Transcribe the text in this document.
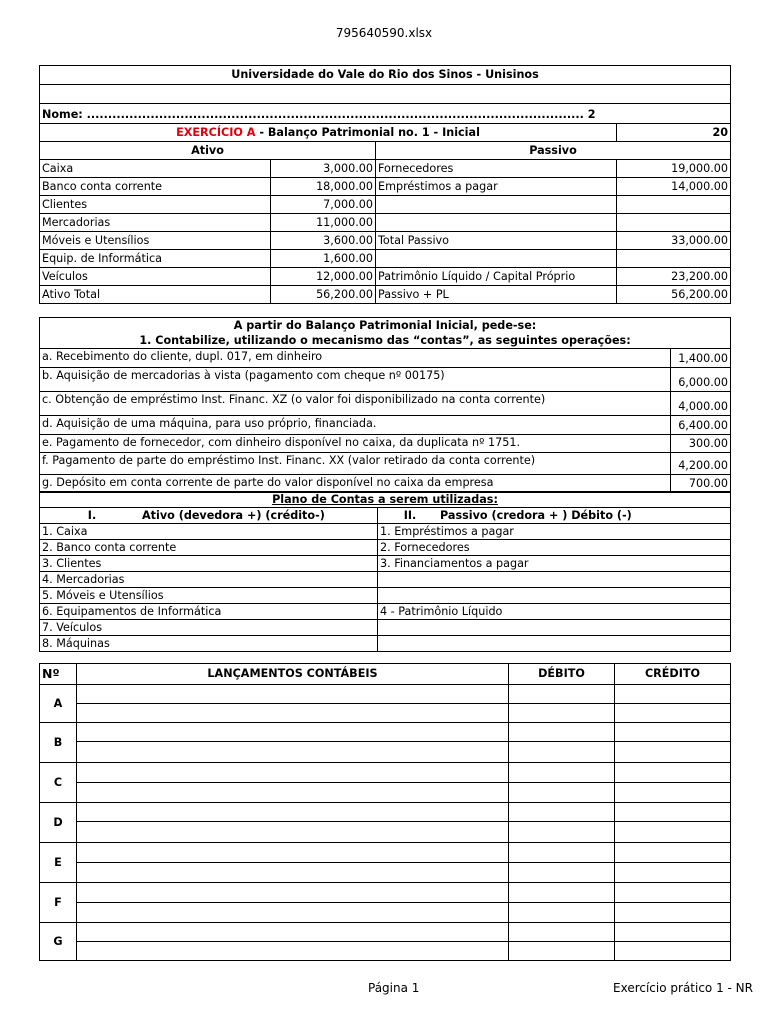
795640590.xlsx
Universidade do Vale do Rio dos Sinos - Unisinos			

Nome: ..................................................................................................................... 2			
EXERCÍCIO A - Balanço Patrimonial no. 1 - Inicial			20
Ativo		Passivo	
Caixa	3,000.00	Fornecedores	19,000.00
Banco conta corrente	18,000.00	Empréstimos a pagar	14,000.00
Clientes	7,000.00		
Mercadorias	11,000.00		
Móveis e Utensílios	3,600.00	Total Passivo	33,000.00
Equip. de Informática	1,600.00		
Veículos	12,000.00	Patrimônio Líquido / Capital Próprio	23,200.00
Ativo Total	56,200.00	Passivo + PL	56,200.00
A partir do Balanço Patrimonial Inicial, pede-se:	
1. Contabilize, utilizando o mecanismo das “contas”, as seguintes operações:	
a. Recebimento do cliente, dupl. 017, em dinheiro	1,400.00
b. Aquisição de mercadorias à vista (pagamento com cheque nº 00175)	6,000.00
c. Obtenção de empréstimo Inst. Financ. XZ (o valor foi disponibilizado na conta corrente)	4,000.00
d. Aquisição de uma máquina, para uso próprio, financiada.	6,400.00
e. Pagamento de fornecedor, com dinheiro disponível no caixa, da duplicata nº 1751.	300.00
f. Pagamento de parte do empréstimo Inst. Financ. XX (valor retirado da conta corrente)	4,200.00
g. Depósito em conta corrente de parte do valor disponível no caixa da empresa	700.00
Plano de Contas a serem utilizadas:	
I. Ativo (devedora +) (crédito-)	II. Passivo (credora + ) Débito (-)
1. Caixa	1. Empréstimos a pagar
2. Banco conta corrente	2. Fornecedores
3. Clientes	3. Financiamentos a pagar
4. Mercadorias	
5. Móveis e Utensílios	
6. Equipamentos de Informática	4 - Patrimônio Líquido
7. Veículos	
8. Máquinas	
Nº	LANÇAMENTOS CONTÁBEIS	DÉBITO	CRÉDITO
A			

B			

C			

D			

E			

F			

G			

Página 1	Exercício prático 1 - NR
